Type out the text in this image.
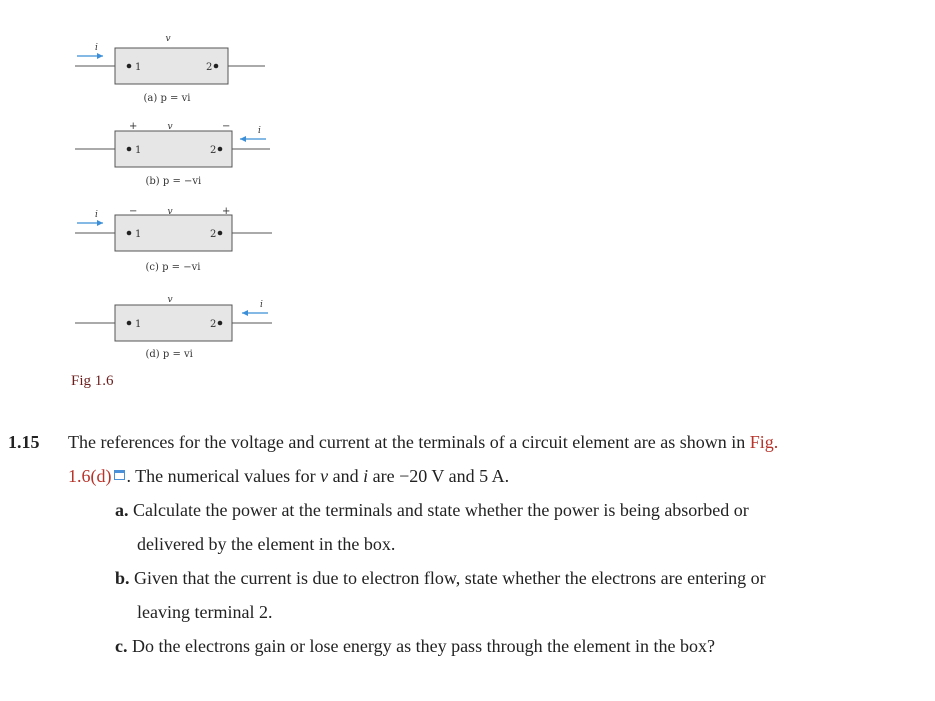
1	2
v
i
(a) p = vi
1	2
v
+	−	i
(b) p = −vi
1	2
v
−	+
i
(c) p = −vi
1	2
v	i
(d) p = vi
Fig 1.6
1.15 The references for the voltage and current at the terminals of a circuit element are as shown in Fig.
1.6(d) . The numerical values for v and i are −20 V and 5 A.
a. Calculate the power at the terminals and state whether the power is being absorbed or
delivered by the element in the box.
b. Given that the current is due to electron flow, state whether the electrons are entering or
leaving terminal 2.
c. Do the electrons gain or lose energy as they pass through the element in the box?
